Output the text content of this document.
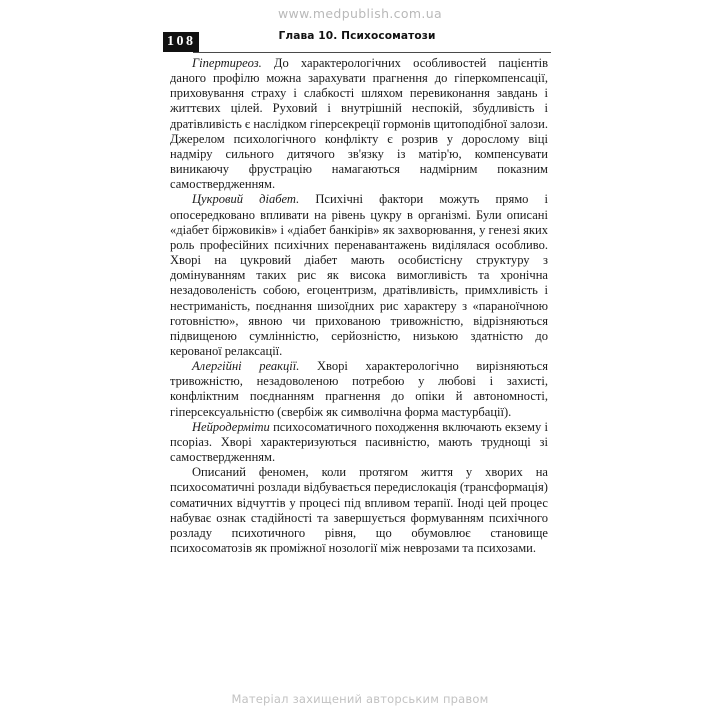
www.medpublish.com.ua
108	Глава 10. Психосоматози

Гіпертиреоз. До характерологічних особливостей пацієнтів даного профілю можна зарахувати прагнення до гіперкомпенсації, приховування страху і слабкості шляхом перевиконання завдань і життєвих цілей. Руховий і внутрішній неспокій, збудливість і дратівливість є наслідком гіперсекреції гормонів щитоподібної залози. Джерелом психологічного конфлікту є розрив у дорослому віці надміру сильного дитячого зв'язку із матір'ю, компенсувати виникаючу фрустрацію намагаються надмірним показним самоствердженням.

Цукровий діабет. Психічні фактори можуть прямо і опосередковано впливати на рівень цукру в організмі. Були описані «діабет біржовиків» і «діабет банкірів» як захворювання, у генезі яких роль професійних психічних перенавантажень виділялася особливо. Хворі на цукровий діабет мають особистісну структуру з домінуванням таких рис як висока вимогливість та хронічна незадоволеність собою, егоцентризм, дратівливість, примхливість і нестриманість, поєднання шизоїдних рис характеру з «параноїчною готовністю», явною чи прихованою тривожністю, відрізняються підвищеною сумлінністю, серйозністю, низькою здатністю до керованої релаксації.

Алергійні реакції. Хворі характерологічно вирізняються тривожністю, незадоволеною потребою у любові і захисті, конфліктним поєднанням прагнення до опіки й автономності, гіперсексуальністю (свербіж як символічна форма мастурбації).

Нейродерміти психосоматичного походження включають екзему і псоріаз. Хворі характеризуються пасивністю, мають труднощі зі самоствердженням.

Описаний феномен, коли протягом життя у хворих на психосоматичні розлади відбувається передислокація (трансформація) соматичних відчуттів у процесі під впливом терапії. Іноді цей процес набуває ознак стадійності та завершується формуванням психічного розладу психотичного рівня, що обумовлює становище психосоматозів як проміжної нозології між неврозами та психозами.

Матеріал захищений авторським правом
